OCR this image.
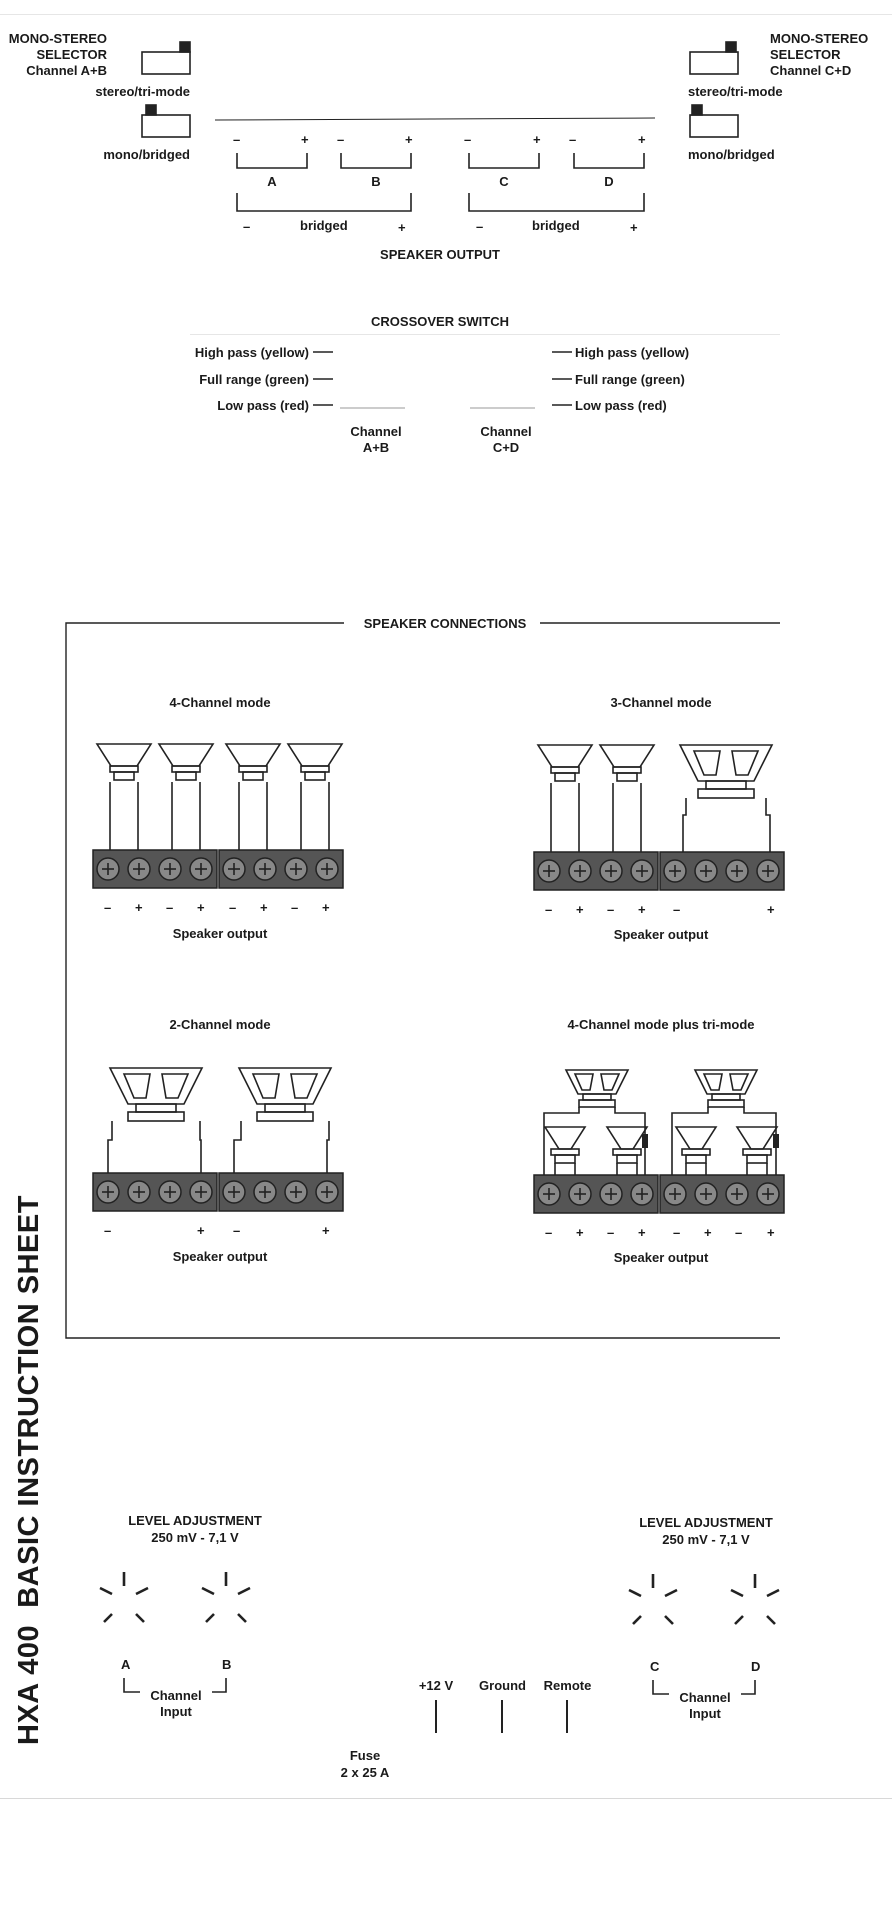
HXA 400  BASIC INSTRUCTION SHEET
MONO-STEREO
SELECTOR
Channel A+B
stereo/tri-mode
mono/bridged
MONO-STEREO
SELECTOR
Channel C+D
stereo/tri-mode
mono/bridged
–	+ –	+	–	+ –	+
A	B	C	D
–	bridged	+	–	bridged	+
SPEAKER OUTPUT
CROSSOVER SWITCH
High pass (yellow)
Full range (green)
Low pass (red)
High pass (yellow)
Full range (green)
Low pass (red)
Channel
A+B
Channel
C+D
SPEAKER CONNECTIONS
4-Channel mode	3-Channel mode
2-Channel mode	4-Channel mode plus tri-mode
Speaker output	Speaker output
Speaker output	Speaker output
– + – + – + – +	– + – + –	+
–	+ –	+	– + – + – + – +
LEVEL ADJUSTMENT
250 mV - 7,1 V
LEVEL ADJUSTMENT
250 mV - 7,1 V
A	B	C	D
Channel
Input
Channel
Input
+12 V	Ground	Remote
Fuse
2 x 25 A
